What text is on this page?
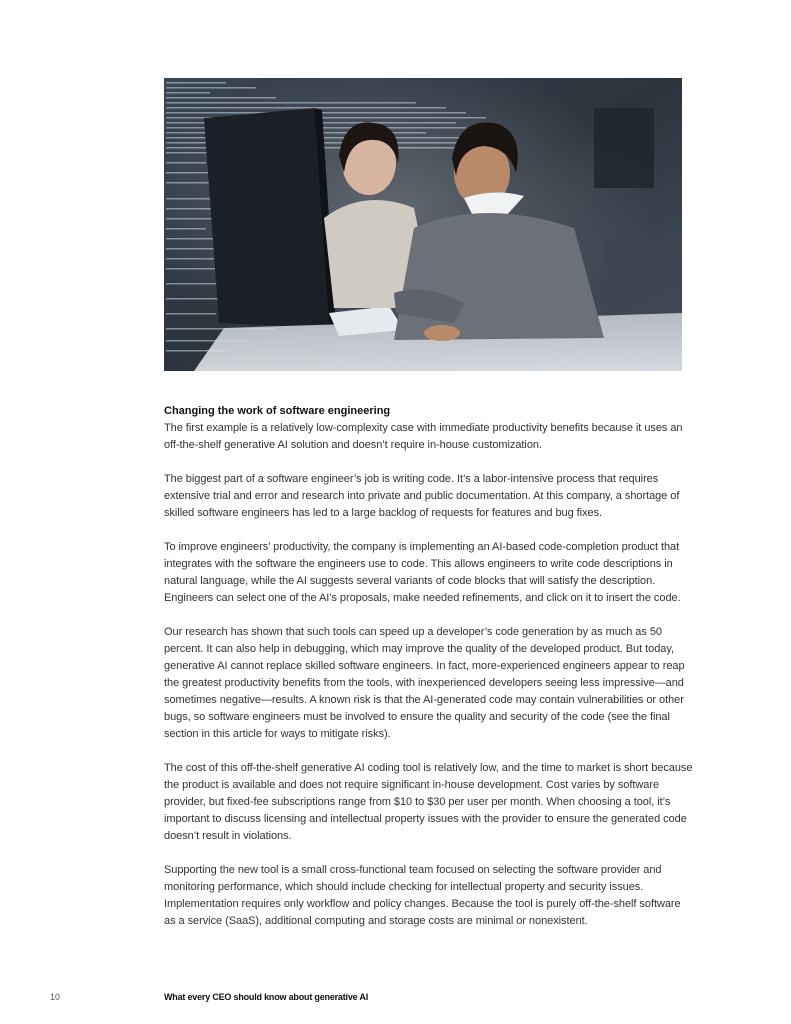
Changing the work of software engineering

The first example is a relatively low-complexity case with immediate productivity benefits because it uses an off-the-shelf generative AI solution and doesn’t require in-house customization.

The biggest part of a software engineer’s job is writing code. It’s a labor-intensive process that requires extensive trial and error and research into private and public documentation. At this company, a shortage of skilled software engineers has led to a large backlog of requests for features and bug fixes.

To improve engineers’ productivity, the company is implementing an AI-based code-completion product that integrates with the software the engineers use to code. This allows engineers to write code descriptions in natural language, while the AI suggests several variants of code blocks that will satisfy the description. Engineers can select one of the AI’s proposals, make needed refinements, and click on it to insert the code.

Our research has shown that such tools can speed up a developer’s code generation by as much as 50 percent. It can also help in debugging, which may improve the quality of the developed product. But today, generative AI cannot replace skilled software engineers. In fact, more-experienced engineers appear to reap the greatest productivity benefits from the tools, with inexperienced developers seeing less impressive—and sometimes negative—results. A known risk is that the AI-generated code may contain vulnerabilities or other bugs, so software engineers must be involved to ensure the quality and security of the code (see the final section in this article for ways to mitigate risks).

The cost of this off-the-shelf generative AI coding tool is relatively low, and the time to market is short because the product is available and does not require significant in-house development. Cost varies by software provider, but fixed-fee subscriptions range from $10 to $30 per user per month. When choosing a tool, it’s important to discuss licensing and intellectual property issues with the provider to ensure the generated code doesn’t result in violations.

Supporting the new tool is a small cross-functional team focused on selecting the software provider and monitoring performance, which should include checking for intellectual property and security issues. Implementation requires only workflow and policy changes. Because the tool is purely off-the-shelf software as a service (SaaS), additional computing and storage costs are minimal or nonexistent.

10	What every CEO should know about generative AI
